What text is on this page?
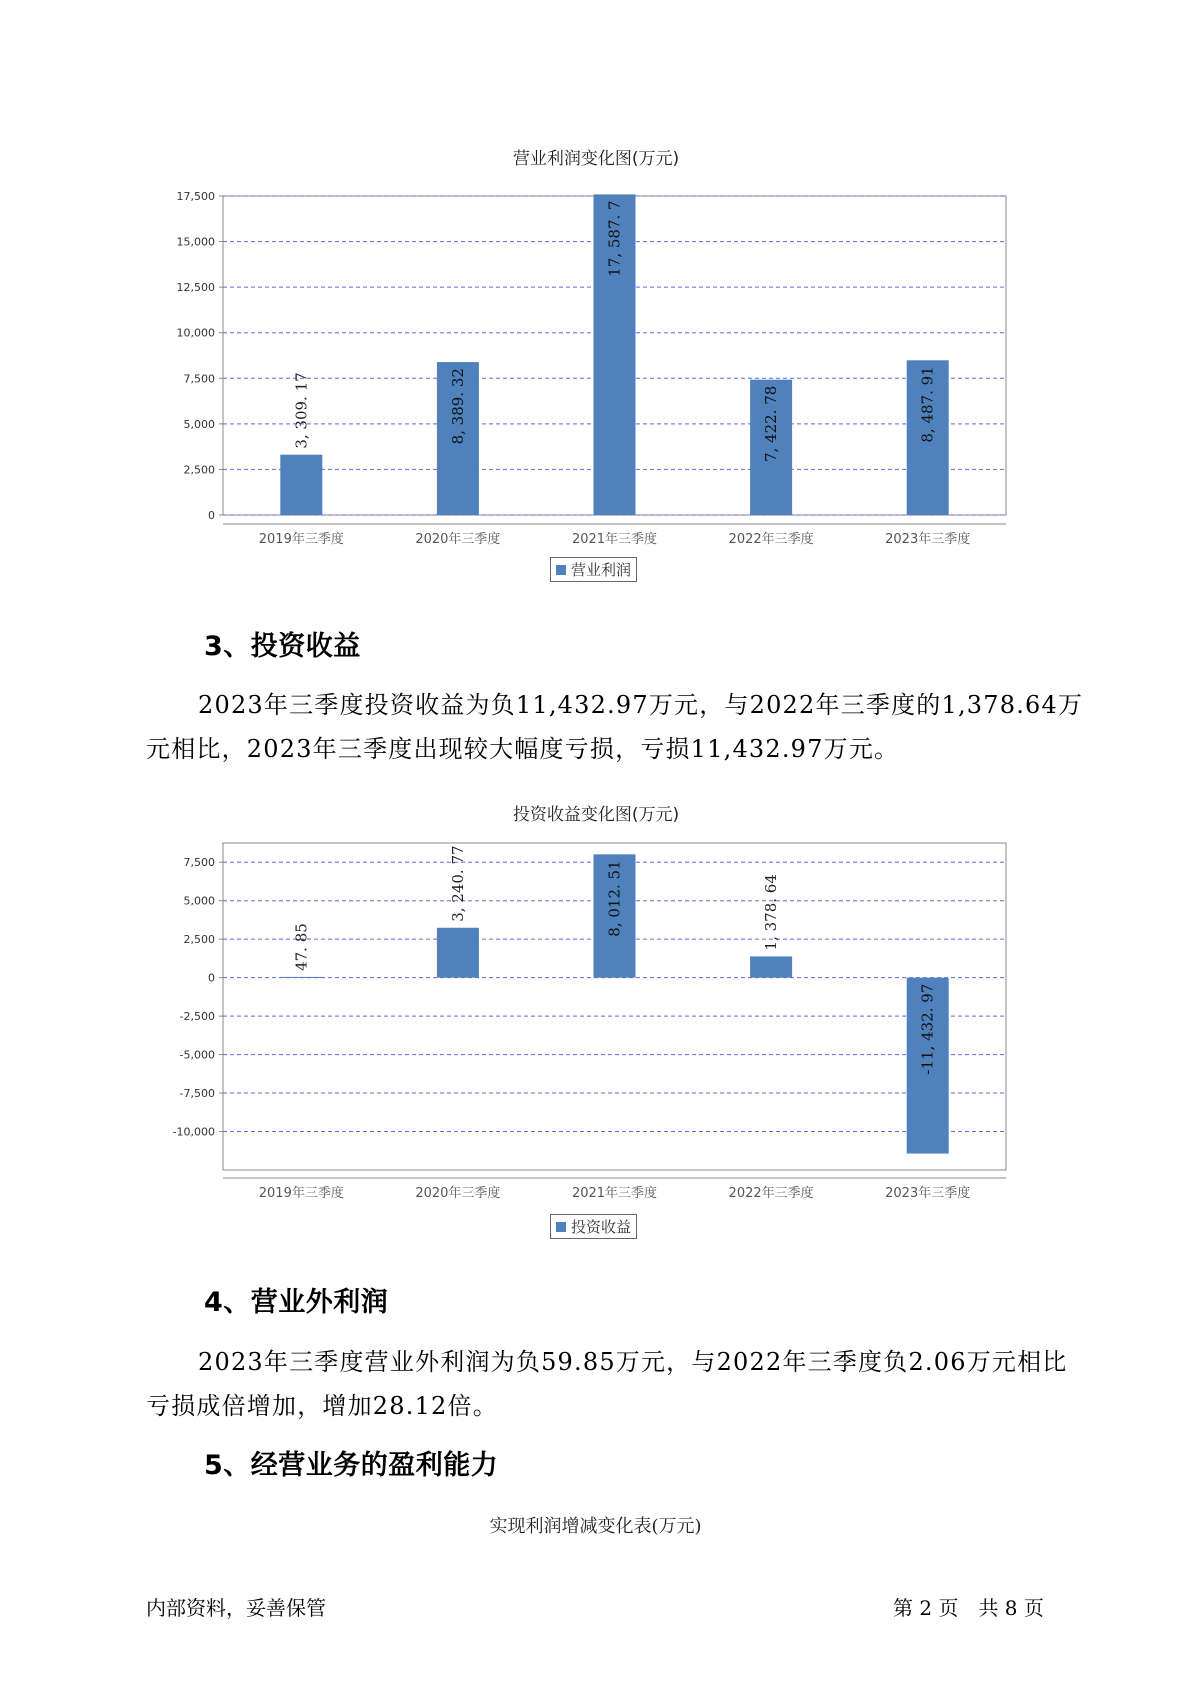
营业利润变化图(万元)
0
2,500
5,000
7,500
10,000
12,500
15,000
17,500
2019年三季度
3, 309. 17
2020年三季度
8, 389. 32
2021年三季度
17, 587. 7
2022年三季度
7, 422. 78
2023年三季度
8, 487. 91
营业利润
3、投资收益
2023年三季度投资收益为负11,432.97万元，与2022年三季度的1,378.64万元相比，2023年三季度出现较大幅度亏损，亏损11,432.97万元。
投资收益变化图(万元)
-10,000
-7,500
-5,000
-2,500
0
2,500
5,000
7,500
2019年三季度
47. 85
2020年三季度
3, 240. 77
2021年三季度
8, 012. 51
2022年三季度
1, 378. 64
2023年三季度
-11, 432. 97
投资收益
4、营业外利润
2023年三季度营业外利润为负59.85万元，与2022年三季度负2.06万元相比亏损成倍增加，增加28.12倍。
5、经营业务的盈利能力
实现利润增减变化表(万元)
内部资料，妥善保管	第 2 页　共 8 页
